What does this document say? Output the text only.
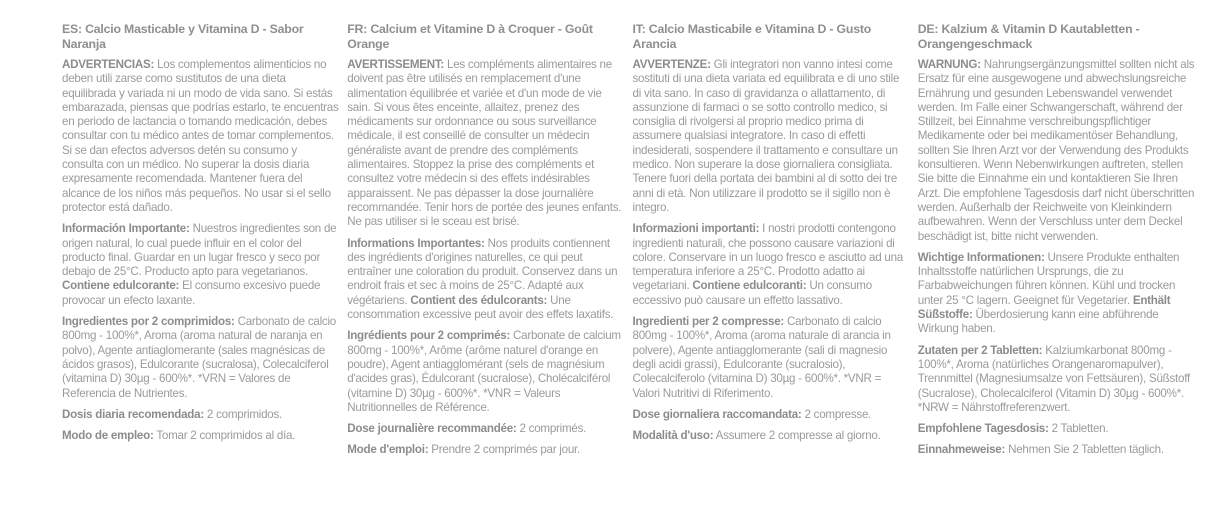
ES: Calcio Masticable y Vitamina D - Sabor Naranja

ADVERTENCIAS: Los complementos alimenticios no deben utili zarse como sustitutos de una dieta equilibrada y variada ni un modo de vida sano. Si estás embarazada, piensas que podrías estarlo, te encuentras en periodo de lactancia o tomando medicación, debes consultar con tu médico antes de tomar complementos. Si se dan efectos adversos detén su consumo y consulta con un médico. No superar la dosis diaria expresamente recomendada. Mantener fuera del alcance de los niños más pequeños. No usar si el sello protector está dañado.

Información Importante: Nuestros ingredientes son de origen natural, lo cual puede influir en el color del producto final. Guardar en un lugar fresco y seco por debajo de 25°C. Producto apto para vegetarianos. Contiene edulcorante: El consumo excesivo puede provocar un efecto laxante.

Ingredientes por 2 comprimidos: Carbonato de calcio 800mg - 100%*, Aroma (aroma natural de naranja en polvo), Agente antiaglomerante (sales magnésicas de ácidos grasos), Edulcorante (sucralosa), Colecalciferol (vitamina D) 30µg - 600%*. *VRN = Valores de Referencia de Nutrientes.

Dosis diaria recomendada: 2 comprimidos.

Modo de empleo: Tomar 2 comprimidos al día.

FR: Calcium et Vitamine D à Croquer - Goût Orange

AVERTISSEMENT: Les compléments alimentaires ne doivent pas être utilisés en remplacement d'une alimentation équilibrée et variée et d'un mode de vie sain. Si vous êtes enceinte, allaitez, prenez des médicaments sur ordonnance ou sous surveillance médicale, il est conseillé de consulter un médecin généraliste avant de prendre des compléments alimentaires. Stoppez la prise des compléments et consultez votre médecin si des effets indésirables apparaissent. Ne pas dépasser la dose journalière recommandée. Tenir hors de portée des jeunes enfants. Ne pas utiliser si le sceau est brisé.

Informations Importantes: Nos produits contiennent des ingrédients d'origines naturelles, ce qui peut entraîner une coloration du produit. Conservez dans un endroit frais et sec à moins de 25°C. Adapté aux végétariens. Contient des édulcorants: Une consommation excessive peut avoir des effets laxatifs.

Ingrédients pour 2 comprimés: Carbonate de calcium 800mg - 100%*, Arôme (arôme naturel d'orange en poudre), Agent antiagglomérant (sels de magnésium d'acides gras), Édulcorant (sucralose), Cholécalciférol (vitamine D) 30µg - 600%*. *VNR = Valeurs Nutritionnelles de Référence.

Dose journalière recommandée: 2 comprimés.

Mode d'emploi: Prendre 2 comprimés par jour.

IT: Calcio Masticabile e Vitamina D - Gusto Arancia

AVVERTENZE: Gli integratori non vanno intesi come sostituti di una dieta variata ed equilibrata e di uno stile di vita sano. In caso di gravidanza o allattamento, di assunzione di farmaci o se sotto controllo medico, si consiglia di rivolgersi al proprio medico prima di assumere qualsiasi integratore. In caso di effetti indesiderati, sospendere il trattamento e consultare un medico. Non superare la dose giornaliera consigliata. Tenere fuori della portata dei bambini al di sotto dei tre anni di età. Non utilizzare il prodotto se il sigillo non è integro.

Informazioni importanti: I nostri prodotti contengono ingredienti naturali, che possono causare variazioni di colore. Conservare in un luogo fresco e asciutto ad una temperatura inferiore a 25°C. Prodotto adatto ai vegetariani. Contiene edulcoranti: Un consumo eccessivo può causare un effetto lassativo.

Ingredienti per 2 compresse: Carbonato di calcio 800mg - 100%*, Aroma (aroma naturale di arancia in polvere), Agente antiagglomerante (sali di magnesio degli acidi grassi), Edulcorante (sucralosio), Colecalciferolo (vitamina D) 30µg - 600%*. *VNR = Valori Nutritivi di Riferimento.

Dose giornaliera raccomandata: 2 compresse.

Modalità d'uso: Assumere 2 compresse al giorno.

DE: Kalzium & Vitamin D Kautabletten - Orangengeschmack

WARNUNG: Nahrungsergänzungsmittel sollten nicht als Ersatz für eine ausgewogene und abwechslungsreiche Ernährung und gesunden Lebenswandel verwendet werden. Im Falle einer Schwangerschaft, während der Stillzeit, bei Einnahme verschreibungspflichtiger Medikamente oder bei medikamentöser Behandlung, sollten Sie Ihren Arzt vor der Verwendung des Produkts konsultieren. Wenn Nebenwirkungen auftreten, stellen Sie bitte die Einnahme ein und kontaktieren Sie Ihren Arzt. Die empfohlene Tagesdosis darf nicht überschritten werden. Außerhalb der Reichweite von Kleinkindern aufbewahren. Wenn der Verschluss unter dem Deckel beschädigt ist, bitte nicht verwenden.

Wichtige Informationen: Unsere Produkte enthalten Inhaltsstoffe natürlichen Ursprungs, die zu Farbabweichungen führen können. Kühl und trocken unter 25 °C lagern. Geeignet für Vegetarier. Enthält Süßstoffe: Überdosierung kann eine abführende Wirkung haben.

Zutaten per 2 Tabletten: Kalziumkarbonat 800mg - 100%*, Aroma (natürliches Orangenaromapulver), Trennmittel (Magnesiumsalze von Fettsäuren), Süßstoff (Sucralose), Cholecalciferol (Vitamin D) 30µg - 600%*. *NRW = Nährstoffreferenzwert.

Empfohlene Tagesdosis: 2 Tabletten.

Einnahmeweise: Nehmen Sie 2 Tabletten täglich.
